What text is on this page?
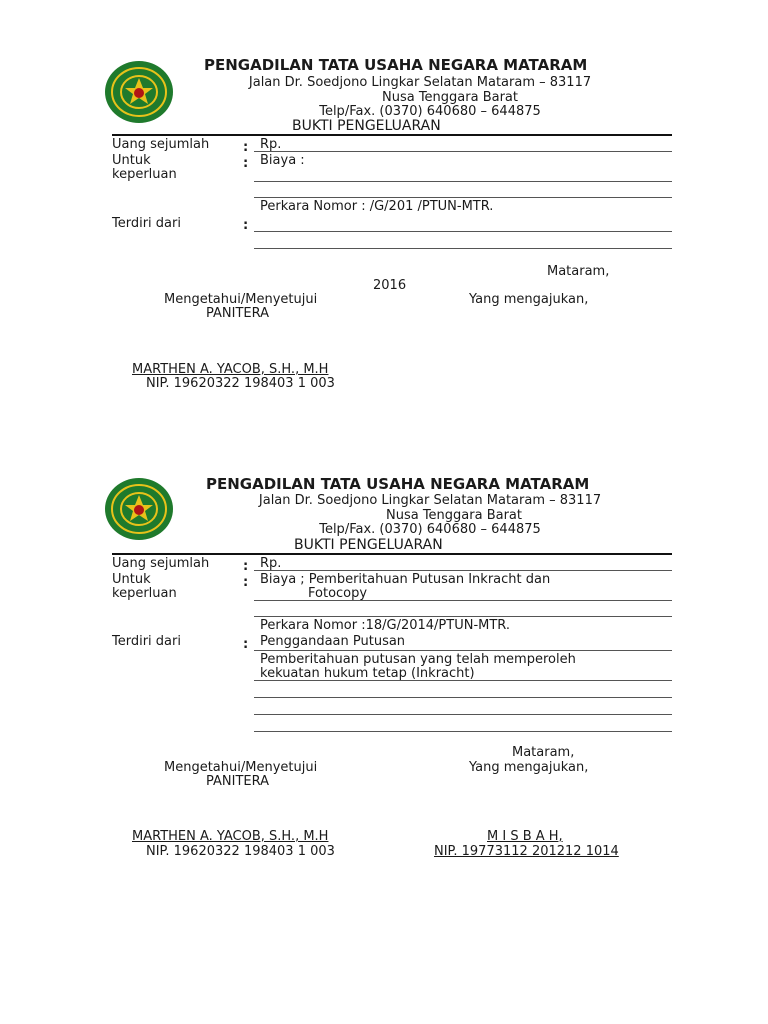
PENGADILAN TATA USAHA NEGARA MATARAM
Jalan Dr. Soedjono Lingkar Selatan Mataram – 83117
Nusa Tenggara Barat
Telp/Fax. (0370) 640680 – 644875
BUKTI PENGELUARAN
Uang sejumlah	: Rp.
Untuk
keperluan
: Biaya :
Perkara Nomor : /G/201 /PTUN-MTR.
Terdiri dari	:
Mataram,
2016
Mengetahui/Menyetujui	Yang mengajukan,
PANITERA
MARTHEN A. YACOB, S.H., M.H
NIP. 19620322 198403 1 003
PENGADILAN TATA USAHA NEGARA MATARAM
Jalan Dr. Soedjono Lingkar Selatan Mataram – 83117
Nusa Tenggara Barat
Telp/Fax. (0370) 640680 – 644875
BUKTI PENGELUARAN
Uang sejumlah	: Rp.
Untuk
keperluan
: Biaya ; Pemberitahuan Putusan Inkracht dan
Fotocopy
Perkara Nomor :18/G/2014/PTUN-MTR.
Terdiri dari	: Penggandaan Putusan
Pemberitahuan putusan yang telah memperoleh
kekuatan hukum tetap (Inkracht)
Mataram,
Mengetahui/Menyetujui	Yang mengajukan,
PANITERA
MARTHEN A. YACOB, S.H., M.H	M I S B A H,
NIP. 19620322 198403 1 003	NIP. 19773112 201212 1014
